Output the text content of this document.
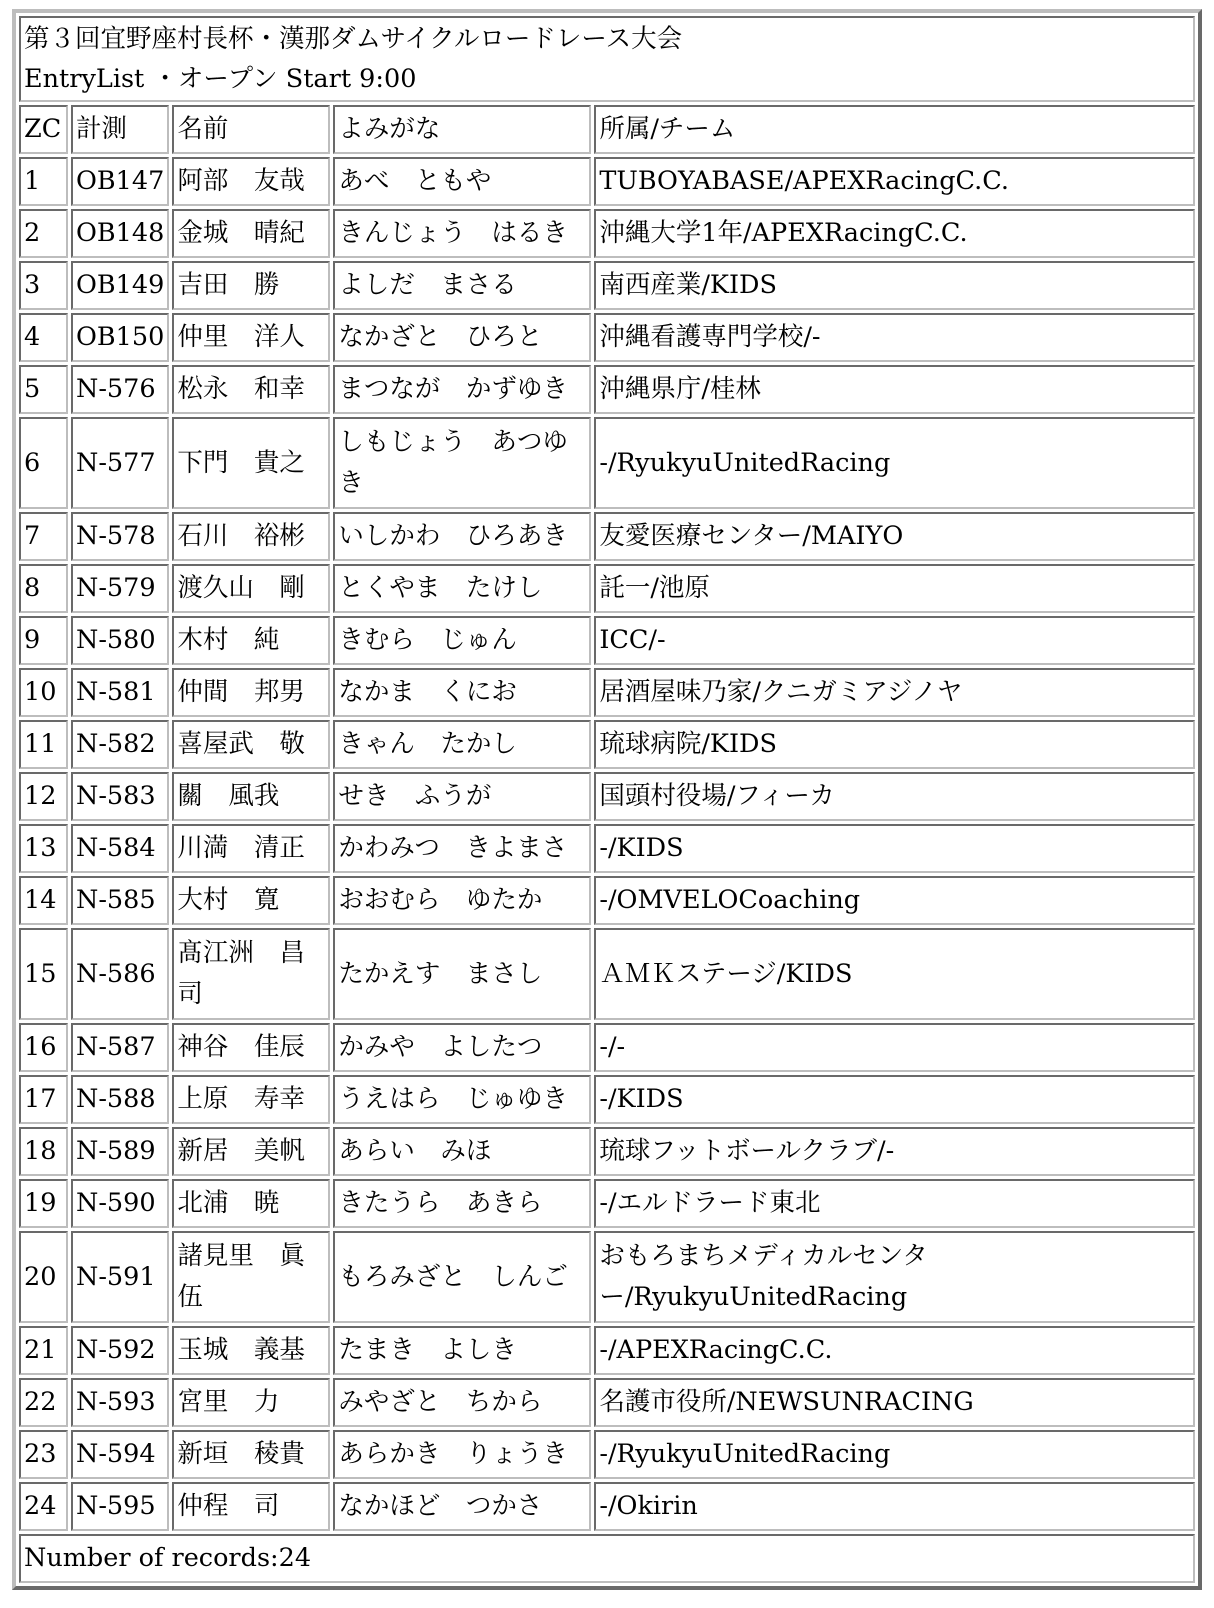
第３回宜野座村長杯・漢那ダムサイクルロードレース大会
EntryList ・オープン Start 9:00				

ZC	計測	名前	よみがな	所属/チーム
1	OB147	阿部　友哉	あべ　ともや	TUBOYABASE/APEXRacingC.C.
2	OB148	金城　晴紀	きんじょう　はるき	沖縄大学1年/APEXRacingC.C.
3	OB149	吉田　勝	よしだ　まさる	南西産業/KIDS
4	OB150	仲里　洋人	なかざと　ひろと	沖縄看護専門学校/-
5	N-576	松永　和幸	まつなが　かずゆき	沖縄県庁/桂林
6	N-577	下門　貴之	しもじょう　あつゆき	-/RyukyuUnitedRacing
7	N-578	石川　裕彬	いしかわ　ひろあき	友愛医療センター/MAIYO
8	N-579	渡久山　剛	とくやま　たけし	託一/池原
9	N-580	木村　純	きむら　じゅん	ICC/-
10	N-581	仲間　邦男	なかま　くにお	居酒屋味乃家/クニガミアジノヤ
11	N-582	喜屋武　敬	きゃん　たかし	琉球病院/KIDS
12	N-583	關　風我	せき　ふうが	国頭村役場/フィーカ
13	N-584	川満　清正	かわみつ　きよまさ	-/KIDS
14	N-585	大村　寛	おおむら　ゆたか	-/OMVELOCoaching
15	N-586	髙江洲　昌司	たかえす　まさし	ＡＭＫステージ/KIDS
16	N-587	神谷　佳辰	かみや　よしたつ	-/-
17	N-588	上原　寿幸	うえはら　じゅゆき	-/KIDS
18	N-589	新居　美帆	あらい　みほ	琉球フットボールクラブ/-
19	N-590	北浦　暁	きたうら　あきら	-/エルドラード東北
20	N-591	諸見里　眞伍	もろみざと　しんご	おもろまちメディカルセンター/RyukyuUnitedRacing
21	N-592	玉城　義基	たまき　よしき	-/APEXRacingC.C.
22	N-593	宮里　力	みやざと　ちから	名護市役所/NEWSUNRACING
23	N-594	新垣　稜貴	あらかき　りょうき	-/RyukyuUnitedRacing
24	N-595	仲程　司	なかほど　つかさ	-/Okirin
Number of records:24				
